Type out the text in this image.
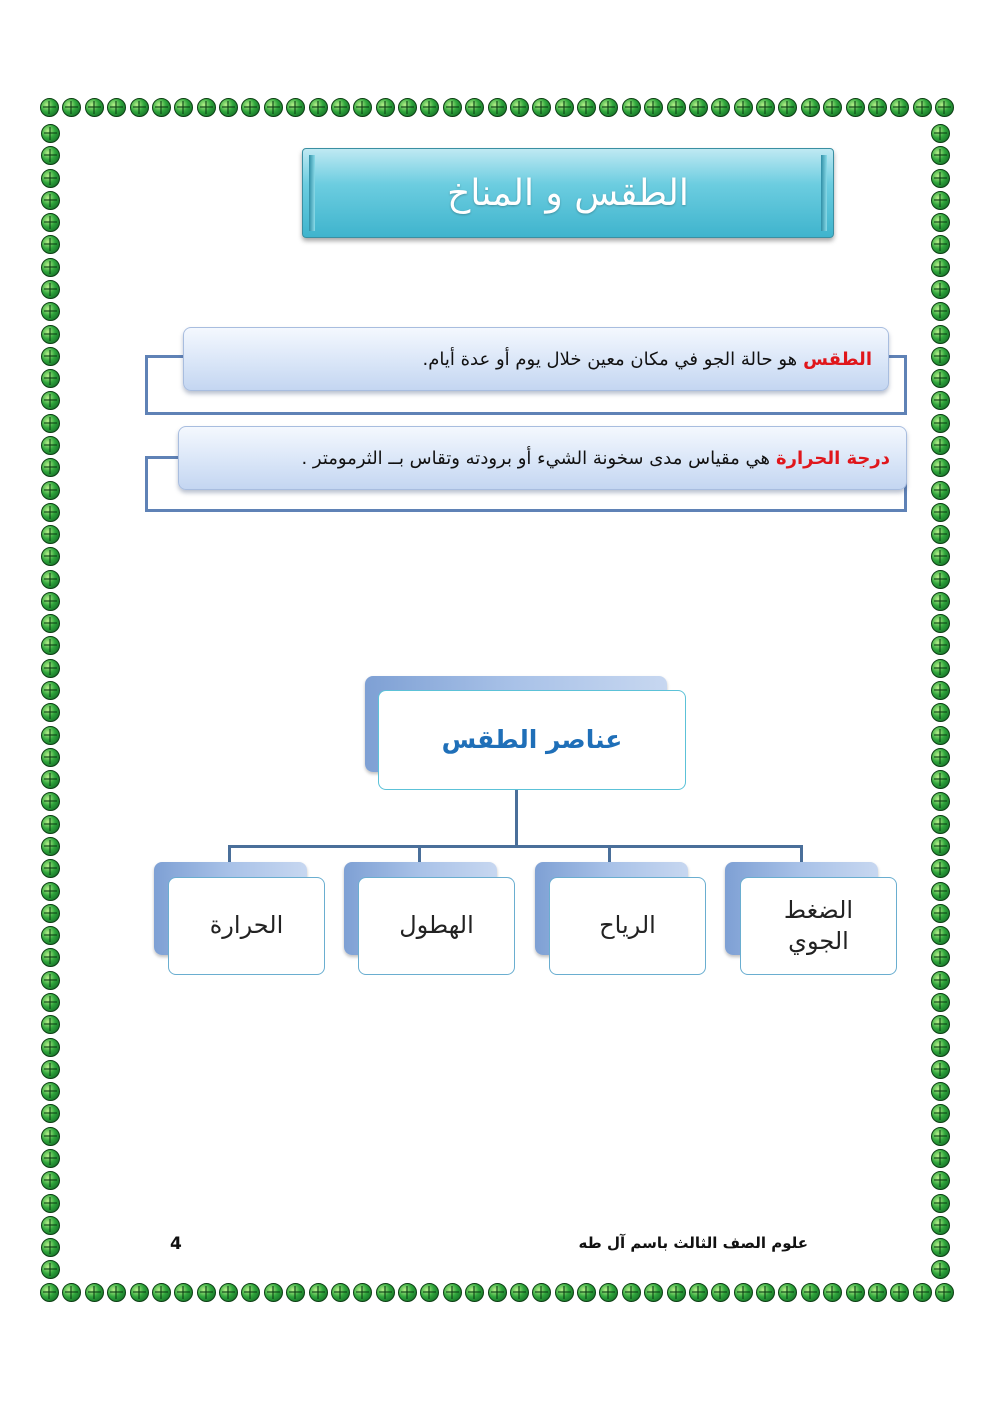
الطقس و المناخ
الطقس
هو حالة الجو في مكان معين خلال يوم أو عدة أيام.
درجة الحرارة
هي مقياس مدى سخونة الشيء أو برودته وتقاس بــ الثرمومتر .
عناصر الطقس
الضغط الجوي
الرياح
الهطول
الحرارة
علوم الصف الثالث باسم آل طه
4
